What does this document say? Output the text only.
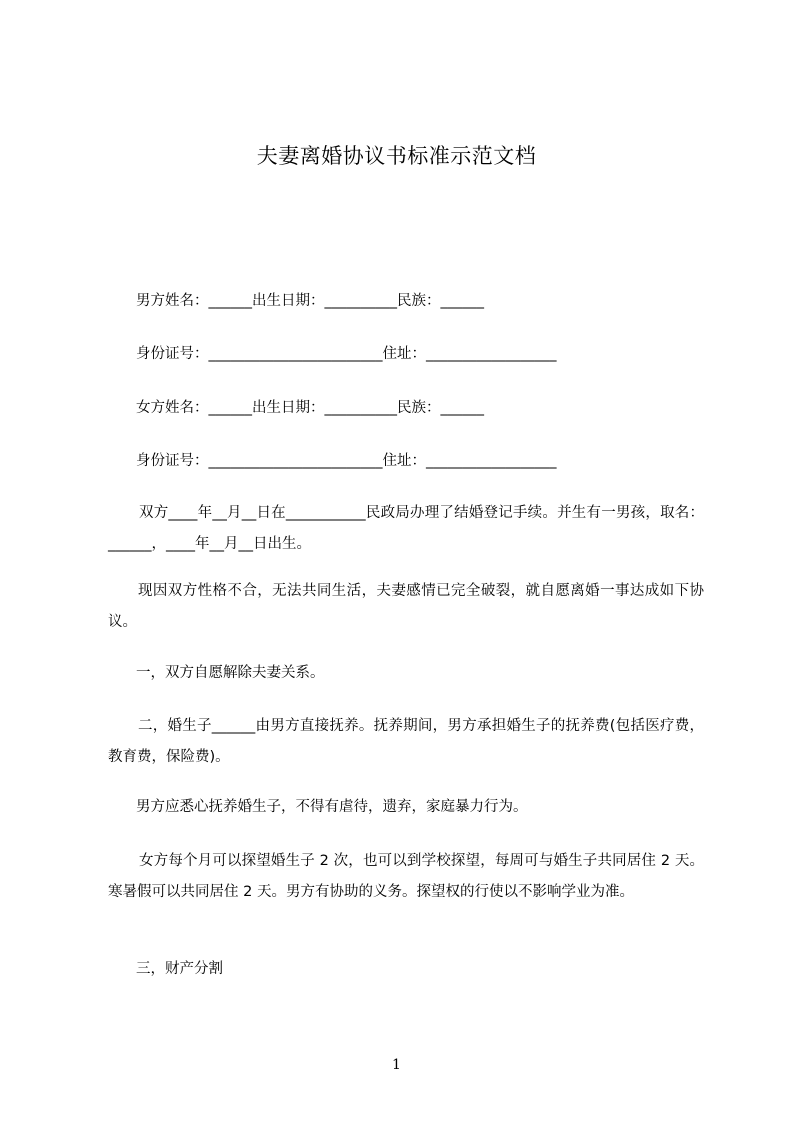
夫妻离婚协议书标准示范文档

男方姓名：______出生日期：__________民族：______

身份证号：________________________住址：__________________

女方姓名：______出生日期：__________民族：______

身份证号：________________________住址：__________________

双方____年__月__日在___________民政局办理了结婚登记手续。并生有一男孩，取名：______，____年__月__日出生。

现因双方性格不合，无法共同生活，夫妻感情已完全破裂，就自愿离婚一事达成如下协议。

一，双方自愿解除夫妻关系。

二，婚生子______由男方直接抚养。抚养期间，男方承担婚生子的抚养费(包括医疗费，教育费，保险费)。

男方应悉心抚养婚生子，不得有虐待，遗弃，家庭暴力行为。

女方每个月可以探望婚生子 2 次，也可以到学校探望，每周可与婚生子共同居住 2 天。寒暑假可以共同居住 2 天。男方有协助的义务。探望权的行使以不影响学业为准。

三，财产分割

1
